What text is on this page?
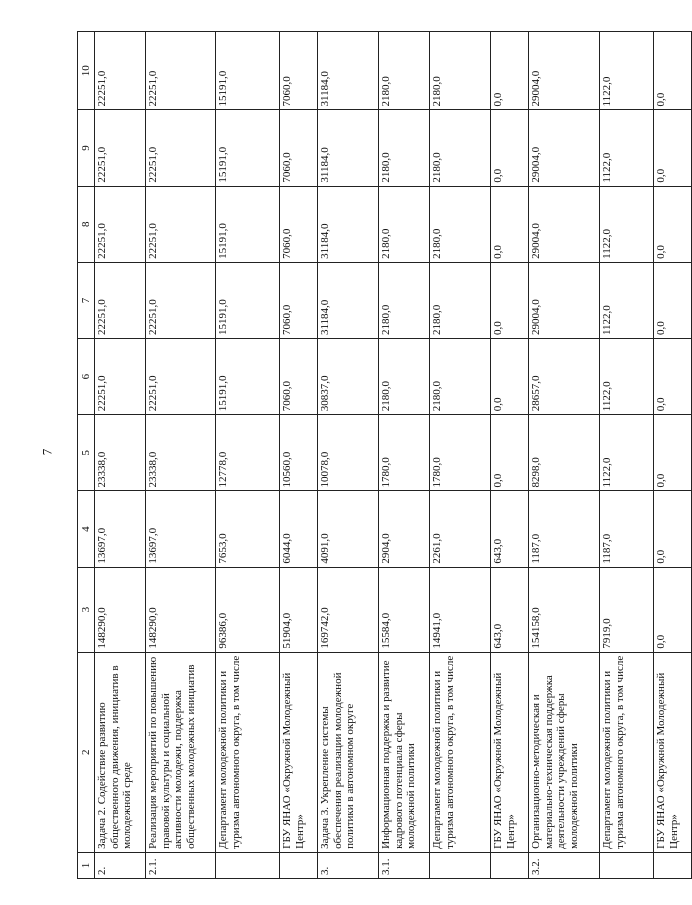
7
1	2	3	4	5	6	7	8	9	10
2.	Задача 2. Содействие развитию общественного движения, инициатив в молодежной среде	148290,0	13697,0	23338,0	22251,0	22251,0	22251,0	22251,0	22251,0
2.1.	Реализация мероприятий по повышению правовой культуры и социальной активности молодежи, поддержка общественных молодежных инициатив	148290,0	13697,0	23338,0	22251,0	22251,0	22251,0	22251,0	22251,0
	Департамент молодежной политики и туризма автономного округа, в том числе	96386,0	7653,0	12778,0	15191,0	15191,0	15191,0	15191,0	15191,0
	ГБУ ЯНАО «Окружной Молодежный Центр»	51904,0	6044,0	10560,0	7060,0	7060,0	7060,0	7060,0	7060,0
3.	Задача 3. Укрепление системы обеспечения реализации молодежной политики в автономном округе	169742,0	4091,0	10078,0	30837,0	31184,0	31184,0	31184,0	31184,0
3.1.	Информационная поддержка и развитие кадрового потенциала сферы молодежной политики	15584,0	2904,0	1780,0	2180,0	2180,0	2180,0	2180,0	2180,0
	Департамент молодежной политики и туризма автономного округа, в том числе	14941,0	2261,0	1780,0	2180,0	2180,0	2180,0	2180,0	2180,0
	ГБУ ЯНАО «Окружной Молодежный Центр»	643,0	643,0	0,0	0,0	0,0	0,0	0,0	0,0
3.2.	Организационно-методическая и материально-техническая поддержка деятельности учреждений сферы молодежной политики	154158,0	1187,0	8298,0	28657,0	29004,0	29004,0	29004,0	29004,0
	Департамент молодежной политики и туризма автономного округа, в том числе	7919,0	1187,0	1122,0	1122,0	1122,0	1122,0	1122,0	1122,0
	ГБУ ЯНАО «Окружной Молодежный Центр»	0,0	0,0	0,0	0,0	0,0	0,0	0,0	0,0
